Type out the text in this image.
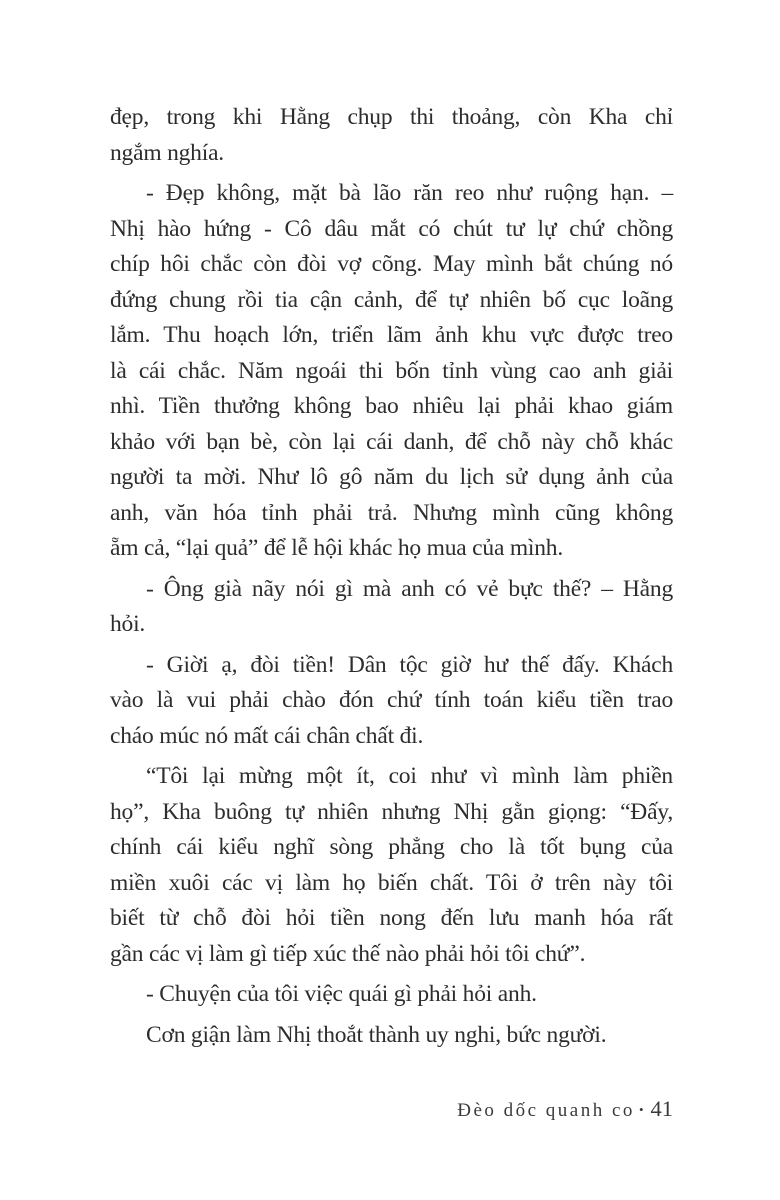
đẹp, trong khi Hằng chụp thi thoảng, còn Kha chỉ
ngắm nghía.
- Đẹp không, mặt bà lão răn reo như ruộng hạn. –
Nhị hào hứng - Cô dâu mắt có chút tư lự chứ chồng
chíp hôi chắc còn đòi vợ cõng. May mình bắt chúng nó
đứng chung rồi tia cận cảnh, để tự nhiên bố cục loãng
lắm. Thu hoạch lớn, triển lãm ảnh khu vực được treo
là cái chắc. Năm ngoái thi bốn tỉnh vùng cao anh giải
nhì. Tiền thưởng không bao nhiêu lại phải khao giám
khảo với bạn bè, còn lại cái danh, để chỗ này chỗ khác
người ta mời. Như lô gô năm du lịch sử dụng ảnh của
anh, văn hóa tỉnh phải trả. Nhưng mình cũng không
ẵm cả, “lại quả” để lễ hội khác họ mua của mình.
- Ông già nãy nói gì mà anh có vẻ bực thế? – Hằng
hỏi.
- Giời ạ, đòi tiền! Dân tộc giờ hư thế đấy. Khách
vào là vui phải chào đón chứ tính toán kiểu tiền trao
cháo múc nó mất cái chân chất đi.
“Tôi lại mừng một ít, coi như vì mình làm phiền
họ”, Kha buông tự nhiên nhưng Nhị gằn giọng: “Đấy,
chính cái kiểu nghĩ sòng phẳng cho là tốt bụng của
miền xuôi các vị làm họ biến chất. Tôi ở trên này tôi
biết từ chỗ đòi hỏi tiền nong đến lưu manh hóa rất
gần các vị làm gì tiếp xúc thế nào phải hỏi tôi chứ”.
- Chuyện của tôi việc quái gì phải hỏi anh.
Cơn giận làm Nhị thoắt thành uy nghi, bức người.
Đèo dốc quanh co • 41
